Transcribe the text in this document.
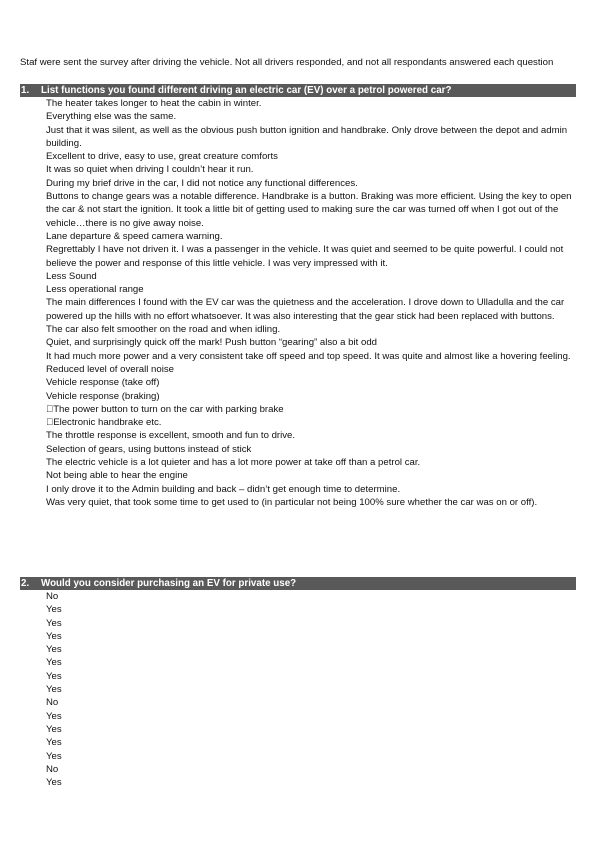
Staf were sent the survey after driving the vehicle. Not all drivers responded, and not all respondants answered each question
1. List functions you found different driving an electric car (EV) over a petrol powered car?

The heater takes longer to heat the cabin in winter.

Everything else was the same.

Just that it was silent, as well as the obvious push button ignition and handbrake. Only drove between the depot and admin building.

Excellent to drive, easy to use, great creature comforts

It was so quiet when driving I couldn’t hear it run.

During my brief drive in the car, I did not notice any functional differences.

Buttons to change gears was a notable difference. Handbrake is a button. Braking was more efficient. Using the key to open the car & not start the ignition. It took a little bit of getting used to making sure the car was turned off when I got out of the vehicle…there is no give away noise.

Lane departure & speed camera warning.

Regrettably I have not driven it. I was a passenger in the vehicle. It was quiet and seemed to be quite powerful. I could not believe the power and response of this little vehicle. I was very impressed with it.

Less Sound

Less operational range

The main differences I found with the EV car was the quietness and the acceleration. I drove down to Ulladulla and the car powered up the hills with no effort whatsoever. It was also interesting that the gear stick had been replaced with buttons. The car also felt smoother on the road and when idling.

Quiet, and surprisingly quick off the mark! Push button “gearing” also a bit odd

It had much more power and a very consistent take off speed and top speed. It was quite and almost like a hovering feeling.

Reduced level of overall noise

Vehicle response (take off)

Vehicle response (braking)

The power button to turn on the car with parking brake

Electronic handbrake etc.

The throttle response is excellent, smooth and fun to drive.

Selection of gears, using buttons instead of stick

The electric vehicle is a lot quieter and has a lot more power at take off than a petrol car.

Not being able to hear the engine

I only drove it to the Admin building and back – didn’t get enough time to determine.

Was very quiet, that took some time to get used to (in particular not being 100% sure whether the car was on or off).

2. Would you consider purchasing an EV for private use?

No

Yes

Yes

Yes

Yes

Yes

Yes

Yes

No

Yes

Yes

Yes

Yes

No

Yes
